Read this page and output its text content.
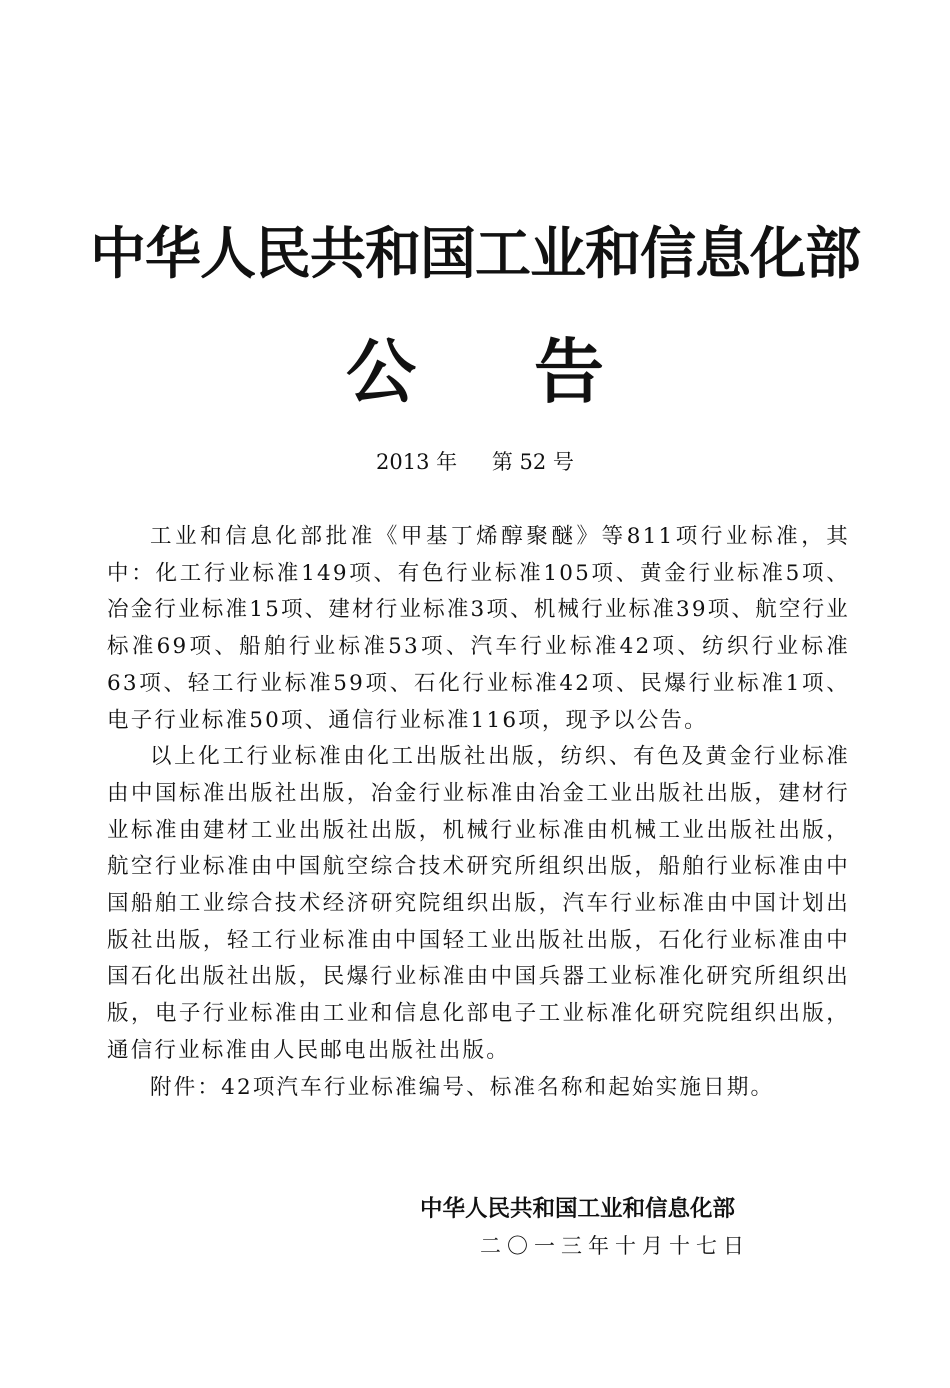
中华人民共和国工业和信息化部
公告
2013 年 第 52 号

工业和信息化部批准《甲基丁烯醇聚醚》等811项行业标准，其中：化工行业标准149项、有色行业标准105项、黄金行业标准5项、冶金行业标准15项、建材行业标准3项、机械行业标准39项、航空行业标准69项、船舶行业标准53项、汽车行业标准42项、纺织行业标准63项、轻工行业标准59项、石化行业标准42项、民爆行业标准1项、电子行业标准50项、通信行业标准116项，现予以公告。

以上化工行业标准由化工出版社出版，纺织、有色及黄金行业标准由中国标准出版社出版，冶金行业标准由冶金工业出版社出版，建材行业标准由建材工业出版社出版，机械行业标准由机械工业出版社出版，航空行业标准由中国航空综合技术研究所组织出版，船舶行业标准由中国船舶工业综合技术经济研究院组织出版，汽车行业标准由中国计划出版社出版，轻工行业标准由中国轻工业出版社出版，石化行业标准由中国石化出版社出版，民爆行业标准由中国兵器工业标准化研究所组织出版，电子行业标准由工业和信息化部电子工业标准化研究院组织出版，通信行业标准由人民邮电出版社出版。

附件：42项汽车行业标准编号、标准名称和起始实施日期。

中华人民共和国工业和信息化部
二〇一三年十月十七日
